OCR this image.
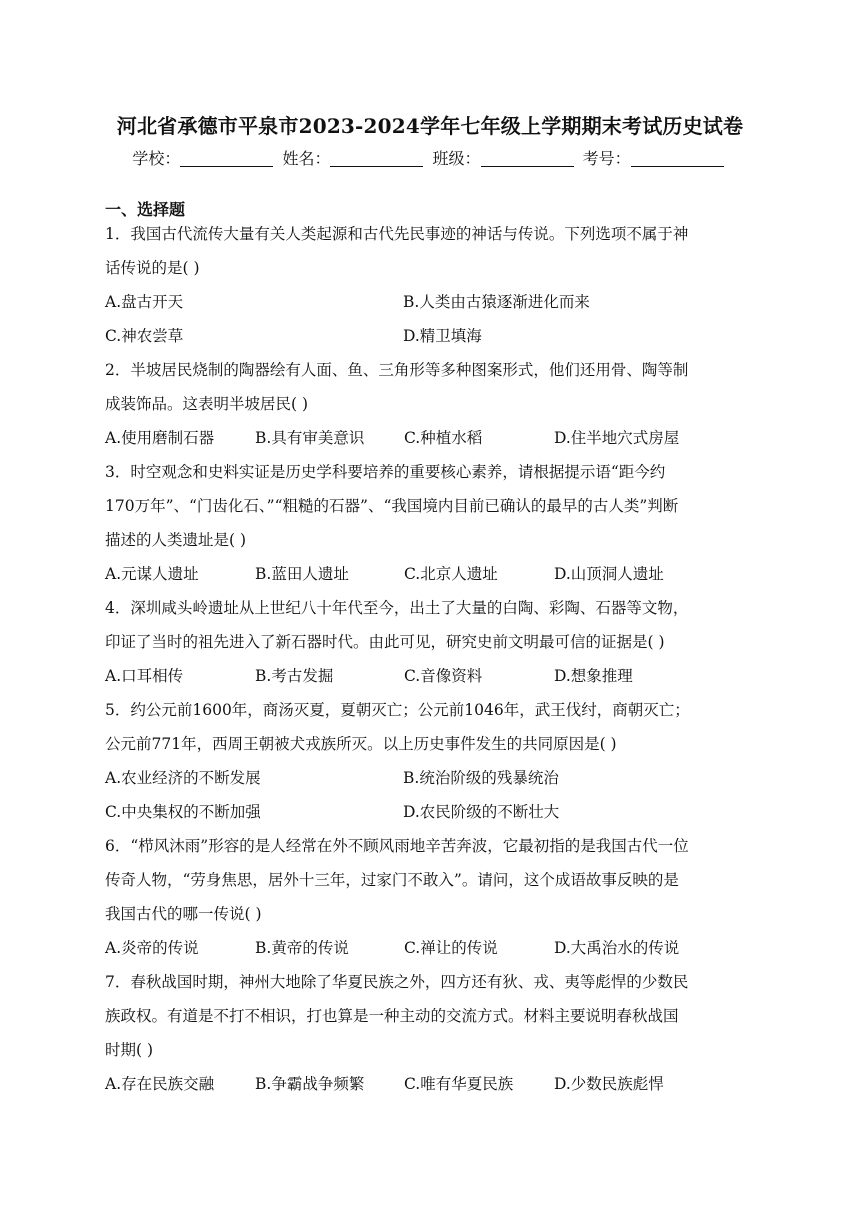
河北省承德市平泉市2023-2024学年七年级上学期期末考试历史试卷
学校：	姓名：	班级：	考号：
一、选择题
1．我国古代流传大量有关人类起源和古代先民事迹的神话与传说。下列选项不属于神
话传说的是( )
A.盘古开天	B.人类由古猿逐渐进化而来
C.神农尝草	D.精卫填海
2．半坡居民烧制的陶器绘有人面、鱼、三角形等多种图案形式，他们还用骨、陶等制
成装饰品。这表明半坡居民( )
A.使用磨制石器	B.具有审美意识	C.种植水稻	D.住半地穴式房屋
3．时空观念和史料实证是历史学科要培养的重要核心素养，请根据提示语“距今约
170万年”、“门齿化石、”“粗糙的石器”、“我国境内目前已确认的最早的古人类”判断
描述的人类遗址是( )
A.元谋人遗址	B.蓝田人遗址	C.北京人遗址	D.山顶洞人遗址
4．深圳咸头岭遗址从上世纪八十年代至今，出土了大量的白陶、彩陶、石器等文物，
印证了当时的祖先进入了新石器时代。由此可见，研究史前文明最可信的证据是( )
A.口耳相传	B.考古发掘	C.音像资料	D.想象推理
5．约公元前1600年，商汤灭夏，夏朝灭亡；公元前1046年，武王伐纣，商朝灭亡；
公元前771年，西周王朝被犬戎族所灭。以上历史事件发生的共同原因是( )
A.农业经济的不断发展	B.统治阶级的残暴统治
C.中央集权的不断加强	D.农民阶级的不断壮大
6．“栉风沐雨”形容的是人经常在外不顾风雨地辛苦奔波，它最初指的是我国古代一位
传奇人物，“劳身焦思，居外十三年，过家门不敢入”。请问，这个成语故事反映的是
我国古代的哪一传说( )
A.炎帝的传说	B.黄帝的传说	C.禅让的传说	D.大禹治水的传说
7．春秋战国时期，神州大地除了华夏民族之外，四方还有狄、戎、夷等彪悍的少数民
族政权。有道是不打不相识，打也算是一种主动的交流方式。材料主要说明春秋战国
时期( )
A.存在民族交融	B.争霸战争频繁	C.唯有华夏民族	D.少数民族彪悍
